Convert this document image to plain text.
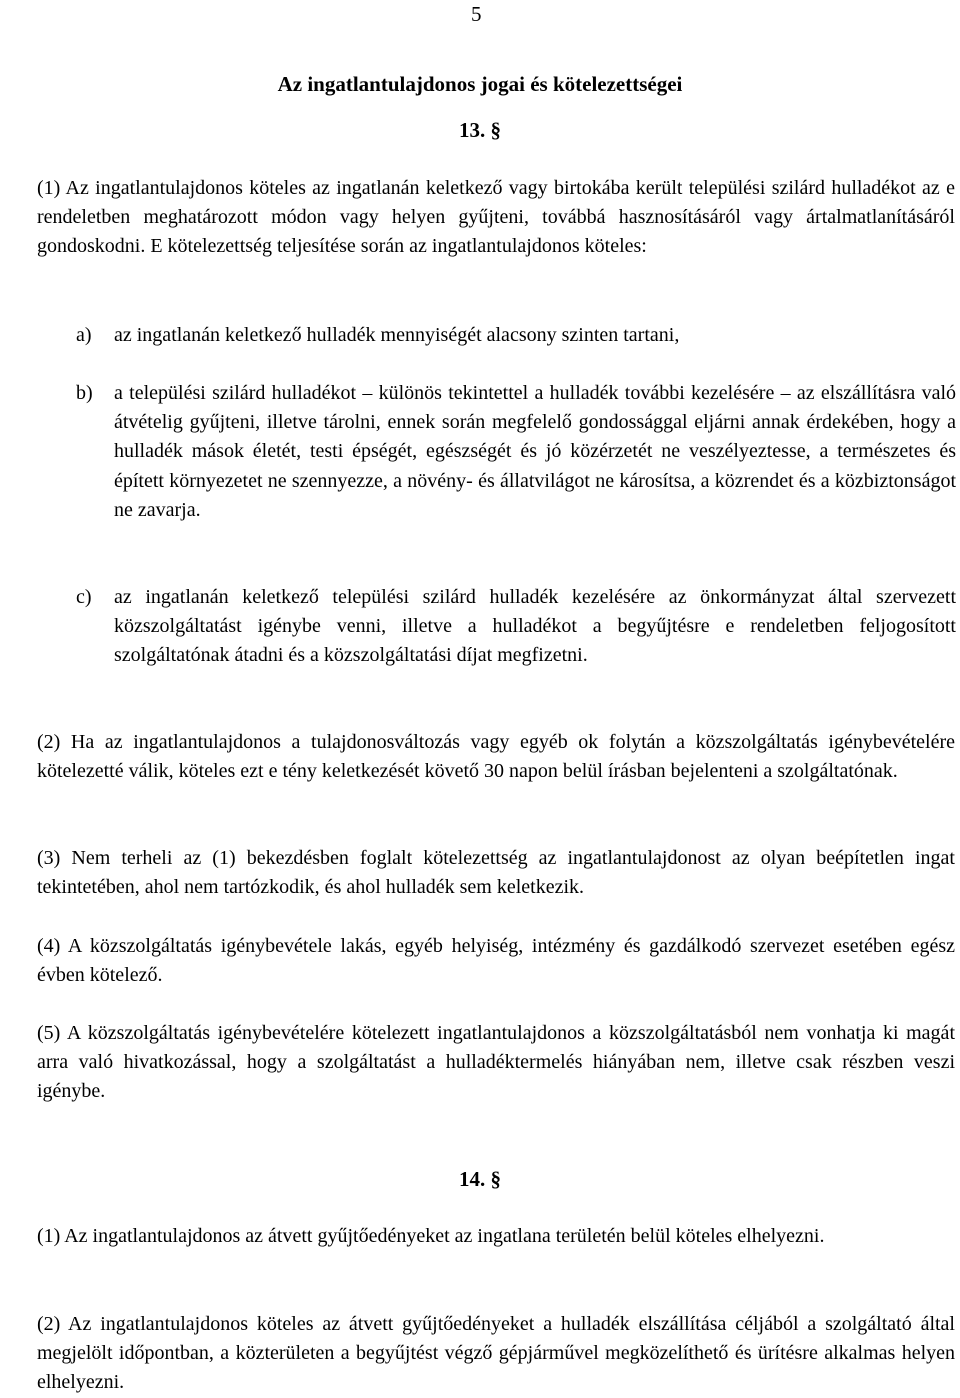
5
Az ingatlantulajdonos jogai és kötelezettségei
13. §
(1) Az ingatlantulajdonos köteles az ingatlanán keletkező vagy birtokába került települési szilárd hulladékot az e rendeletben meghatározott módon vagy helyen gyűjteni, továbbá hasznosításáról vagy ártalmatlanításáról gondoskodni. E kötelezettség teljesítése során az ingatlantulajdonos köteles:
a) az ingatlanán keletkező hulladék mennyiségét alacsony szinten tartani,
b) a települési szilárd hulladékot – különös tekintettel a hulladék további kezelésére – az elszállításra való átvételig gyűjteni, illetve tárolni, ennek során megfelelő gondossággal eljárni annak érdekében, hogy a hulladék mások életét, testi épségét, egészségét és jó közérzetét ne veszélyeztesse, a természetes és épített környezetet ne szennyezze, a növény- és állatvilágot ne károsítsa, a közrendet és a közbiztonságot ne zavarja.
c) az ingatlanán keletkező települési szilárd hulladék kezelésére az önkormányzat által szervezett közszolgáltatást igénybe venni, illetve a hulladékot a begyűjtésre e rendeletben feljogosított szolgáltatónak átadni és a közszolgáltatási díjat megfizetni.
(2) Ha az ingatlantulajdonos a tulajdonosváltozás vagy egyéb ok folytán a közszolgáltatás igénybevételére kötelezetté válik, köteles ezt e tény keletkezését követő 30 napon belül írásban bejelenteni a szolgáltatónak.
(3) Nem terheli az (1) bekezdésben foglalt kötelezettség az ingatlantulajdonost az olyan beépítetlen ingat tekintetében, ahol nem tartózkodik, és ahol hulladék sem keletkezik.
(4) A közszolgáltatás igénybevétele lakás, egyéb helyiség, intézmény és gazdálkodó szervezet esetében egész évben kötelező.
(5) A közszolgáltatás igénybevételére kötelezett ingatlantulajdonos a közszolgáltatásból nem vonhatja ki magát arra való hivatkozással, hogy a szolgáltatást a hulladéktermelés hiányában nem, illetve csak részben veszi igénybe.
14. §
(1) Az ingatlantulajdonos az átvett gyűjtőedényeket az ingatlana területén belül köteles elhelyezni.
(2) Az ingatlantulajdonos köteles az átvett gyűjtőedényeket a hulladék elszállítása céljából a szolgáltató által megjelölt időpontban, a közterületen a begyűjtést végző gépjárművel megközelíthető és ürítésre alkalmas helyen elhelyezni.
